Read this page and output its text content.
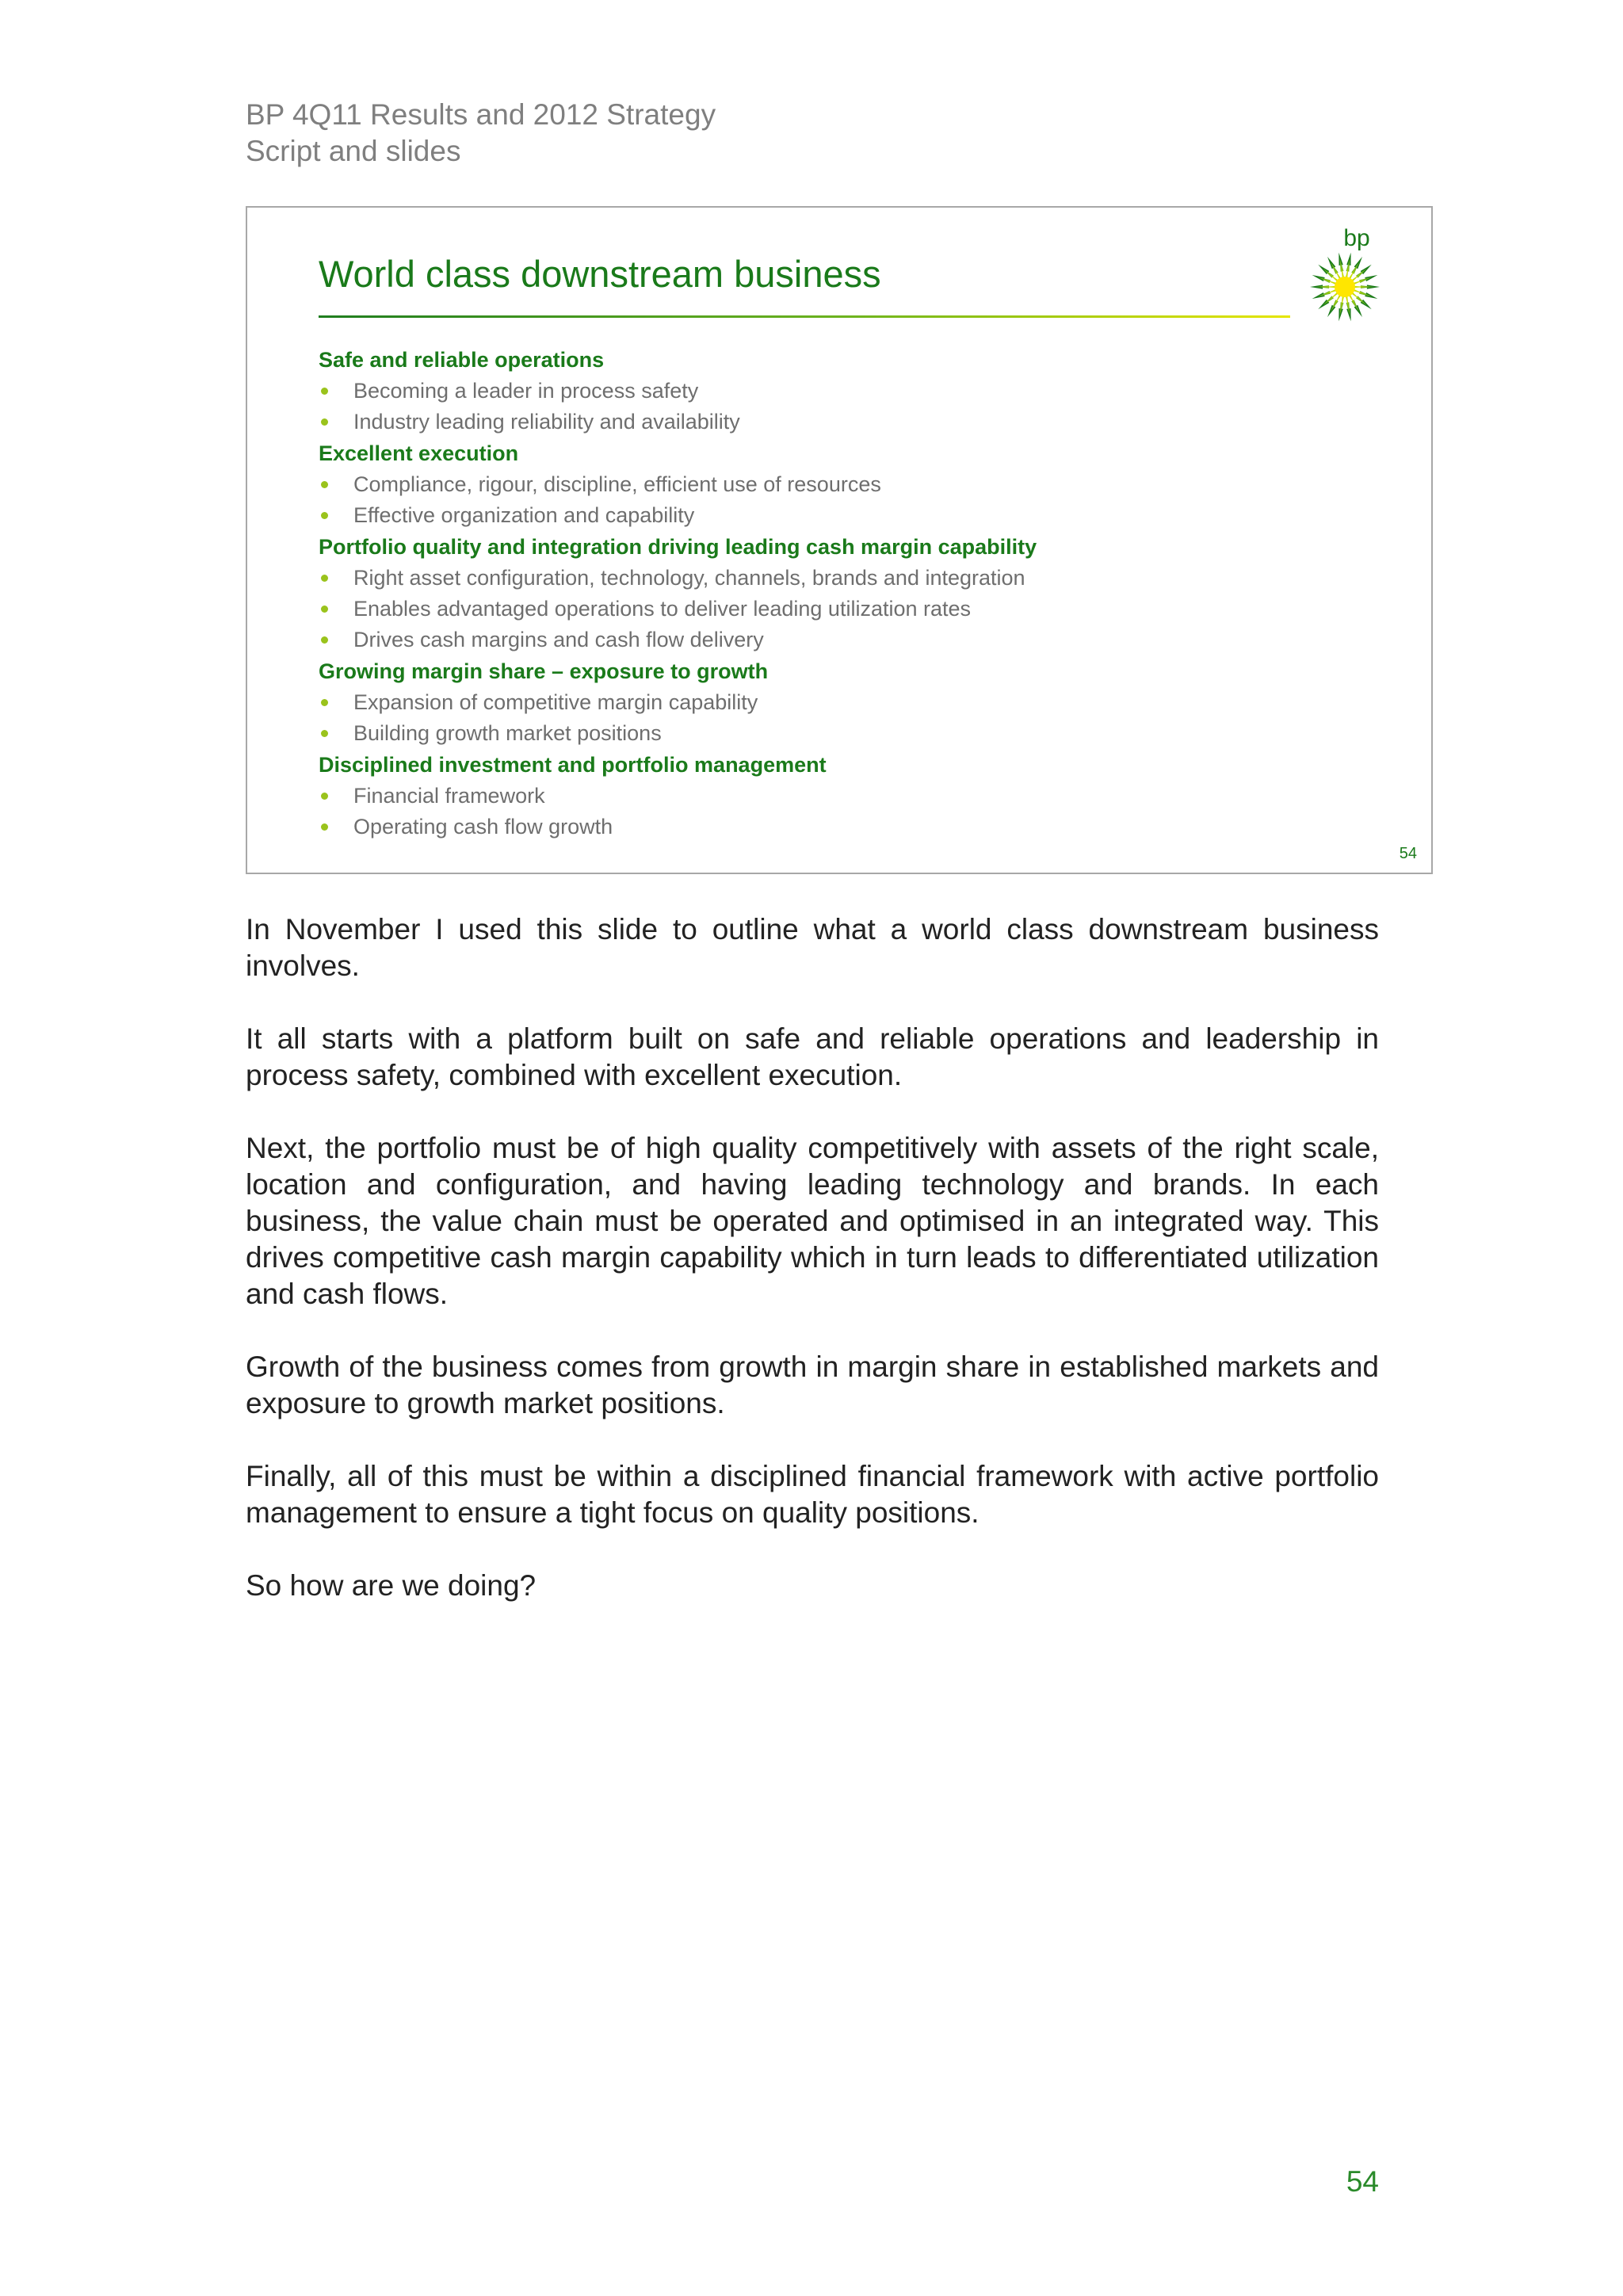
BP 4Q11 Results and 2012 Strategy
Script and slides
World class downstream business
bp
Safe and reliable operations
Becoming a leader in process safety
Industry leading reliability and availability
Excellent execution
Compliance, rigour, discipline, efficient use of resources
Effective organization and capability
Portfolio quality and integration driving leading cash margin capability
Right asset configuration, technology, channels, brands and integration
Enables advantaged operations to deliver leading utilization rates
Drives cash margins and cash flow delivery
Growing margin share – exposure to growth
Expansion of competitive margin capability
Building growth market positions
Disciplined investment and portfolio management
Financial framework
Operating cash flow growth
54

In November I used this slide to outline what a world class downstream business involves.

It all starts with a platform built on safe and reliable operations and leadership in process safety, combined with excellent execution.

Next, the portfolio must be of high quality competitively with assets of the right scale, location and configuration, and having leading technology and brands. In each business, the value chain must be operated and optimised in an integrated way. This drives competitive cash margin capability which in turn leads to differentiated utilization and cash flows.

Growth of the business comes from growth in margin share in established markets and exposure to growth market positions.

Finally, all of this must be within a disciplined financial framework with active portfolio management to ensure a tight focus on quality positions.

So how are we doing?

54
